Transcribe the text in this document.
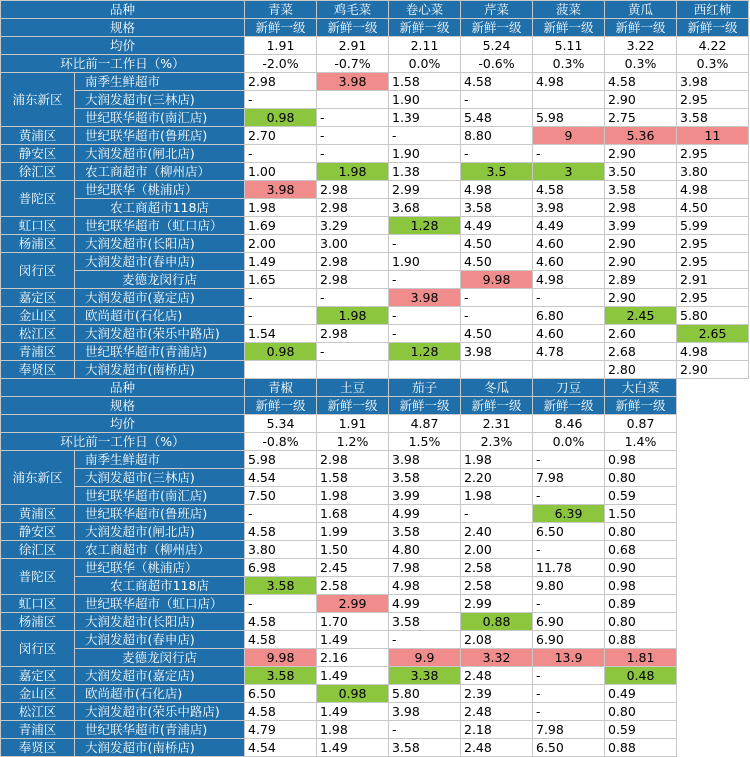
品种		青菜	鸡毛菜	卷心菜	芹菜	菠菜	黄瓜	西红柿
规格		新鲜一级	新鲜一级	新鲜一级	新鲜一级	新鲜一级	新鲜一级	新鲜一级
均价		1.91	2.91	2.11	5.24	5.11	3.22	4.22
环比前一工作日（%）		-2.0%	-0.7%	0.0%	-0.6%	0.3%	0.3%	0.3%
浦东新区	南季生鲜超市	2.98	3.98	1.58	4.58	4.98	4.58	3.98
	大润发超市(三林店)	-		1.90	-		2.90	2.95
	世纪联华超市(南汇店)	0.98	-	1.39	5.48	5.98	2.75	3.58
黄浦区	世纪联华超市(鲁班店)	2.70	-	-	8.80	9	5.36	11
静安区	大润发超市(闸北店)	-	-	1.90	-	-	2.90	2.95
徐汇区	农工商超市（柳州店）	1.00	1.98	1.38	3.5	3	3.50	3.80
普陀区	世纪联华（桃浦店）	3.98	2.98	2.99	4.98	4.58	3.58	4.98
	农工商超市118店	1.98	2.98	3.68	3.58	3.98	2.98	4.50
虹口区	世纪联华超市（虹口店）	1.69	3.29	1.28	4.49	4.49	3.99	5.99
杨浦区	大润发超市(长阳店)	2.00	3.00	-	4.50	4.60	2.90	2.95
闵行区	大润发超市(春申店)	1.49	2.98	1.90	4.50	4.60	2.90	2.95
	麦德龙闵行店	1.65	2.98	-	9.98	4.98	2.89	2.91
嘉定区	大润发超市(嘉定店)	-	-	3.98	-	-	2.90	2.95
金山区	欧尚超市(石化店)	-	1.98	-	-	6.80	2.45	5.80
松江区	大润发超市(荣乐中路店)	1.54	2.98	-	4.50	4.60	2.60	2.65
青浦区	世纪联华超市(青浦店)	0.98	-	1.28	3.98	4.78	2.68	4.98
奉贤区	大润发超市(南桥店)						2.80	2.90
品种		青椒	土豆	茄子	冬瓜	刀豆	大白菜
规格		新鲜一级	新鲜一级	新鲜一级	新鲜一级	新鲜一级	新鲜一级
均价		5.34	1.91	4.87	2.31	8.46	0.87
环比前一工作日（%）		-0.8%	1.2%	1.5%	2.3%	0.0%	1.4%
浦东新区	南季生鲜超市	5.98	2.98	3.98	1.98	-	0.98
	大润发超市(三林店)	4.54	1.58	3.58	2.20	7.98	0.80
	世纪联华超市(南汇店)	7.50	1.98	3.99	1.98	-	0.59
黄浦区	世纪联华超市(鲁班店)	-	1.68	4.99	-	6.39	1.50
静安区	大润发超市(闸北店)	4.58	1.99	3.58	2.40	6.50	0.80
徐汇区	农工商超市（柳州店）	3.80	1.50	4.80	2.00	-	0.68
普陀区	世纪联华（桃浦店）	6.98	2.45	7.98	2.58	11.78	0.90
	农工商超市118店	3.58	2.58	4.98	2.58	9.80	0.98
虹口区	世纪联华超市（虹口店）	-	2.99	4.99	2.99	-	0.89
杨浦区	大润发超市(长阳店)	4.58	1.70	3.58	0.88	6.90	0.80
闵行区	大润发超市(春申店)	4.58	1.49	-	2.08	6.90	0.88
	麦德龙闵行店	9.98	2.16	9.9	3.32	13.9	1.81
嘉定区	大润发超市(嘉定店)	3.58	1.49	3.38	2.48	-	0.48
金山区	欧尚超市(石化店)	6.50	0.98	5.80	2.39	-	0.49
松江区	大润发超市(荣乐中路店)	4.58	1.49	3.98	2.48	-	0.80
青浦区	世纪联华超市(青浦店)	4.79	1.98	-	2.18	7.98	0.59
奉贤区	大润发超市(南桥店)	4.54	1.49	3.58	2.48	6.50	0.88
